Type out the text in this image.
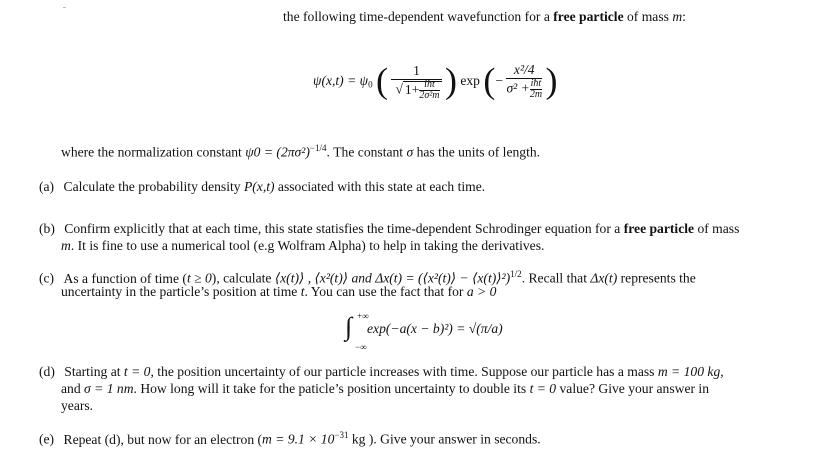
the following time-dependent wavefunction for a free particle of mass m:
$\psi(x,t) = \psi_0$ ( $\frac{1}{√ 1+ \frac{\text{iħt}}{\text{2σ²m}}}$ ) exp (− $\frac{\text{x²/4}}{\sigma^2 + \frac{\text{iħt}}{2m}}$ )
where the normalization constant $\psi 0 = (2\pi\sigma^2)^{-1/4}$. The constant σ has the units of length.
(a) Calculate the probability density P(x,t) associated with this state at each time.
(b) Confirm explicitly that at each time, this state statisfies the time-dependent Schrodinger equation for a free particle of mass
m. It is fine to use a numerical tool (e.g Wolfram Alpha) to help in taking the derivatives.
(c) As a function of time (t ≥ 0), calculate ⟨x(t)⟩ , ⟨x²(t)⟩ and Δx(t) = (⟨x²(t)⟩ − ⟨x(t)⟩²)$^{1/2}$. Recall that Δx(t) represents the
uncertainty in the particle’s position at time t. You can use the fact that for a > 0
∫ +∞
−∞
exp(−a(x − b)²) = √(π/a)
(d) Starting at t = 0, the position uncertainty of our particle increases with time. Suppose our particle has a mass m = 100 kg,
and σ = 1 nm. How long will it take for the paticle’s position uncertainty to double its t = 0 value? Give your answer in
years.
(e) Repeat (d), but now for an electron ($m = 9.1 \times 10^{-31}$ kg ). Give your answer in seconds.
